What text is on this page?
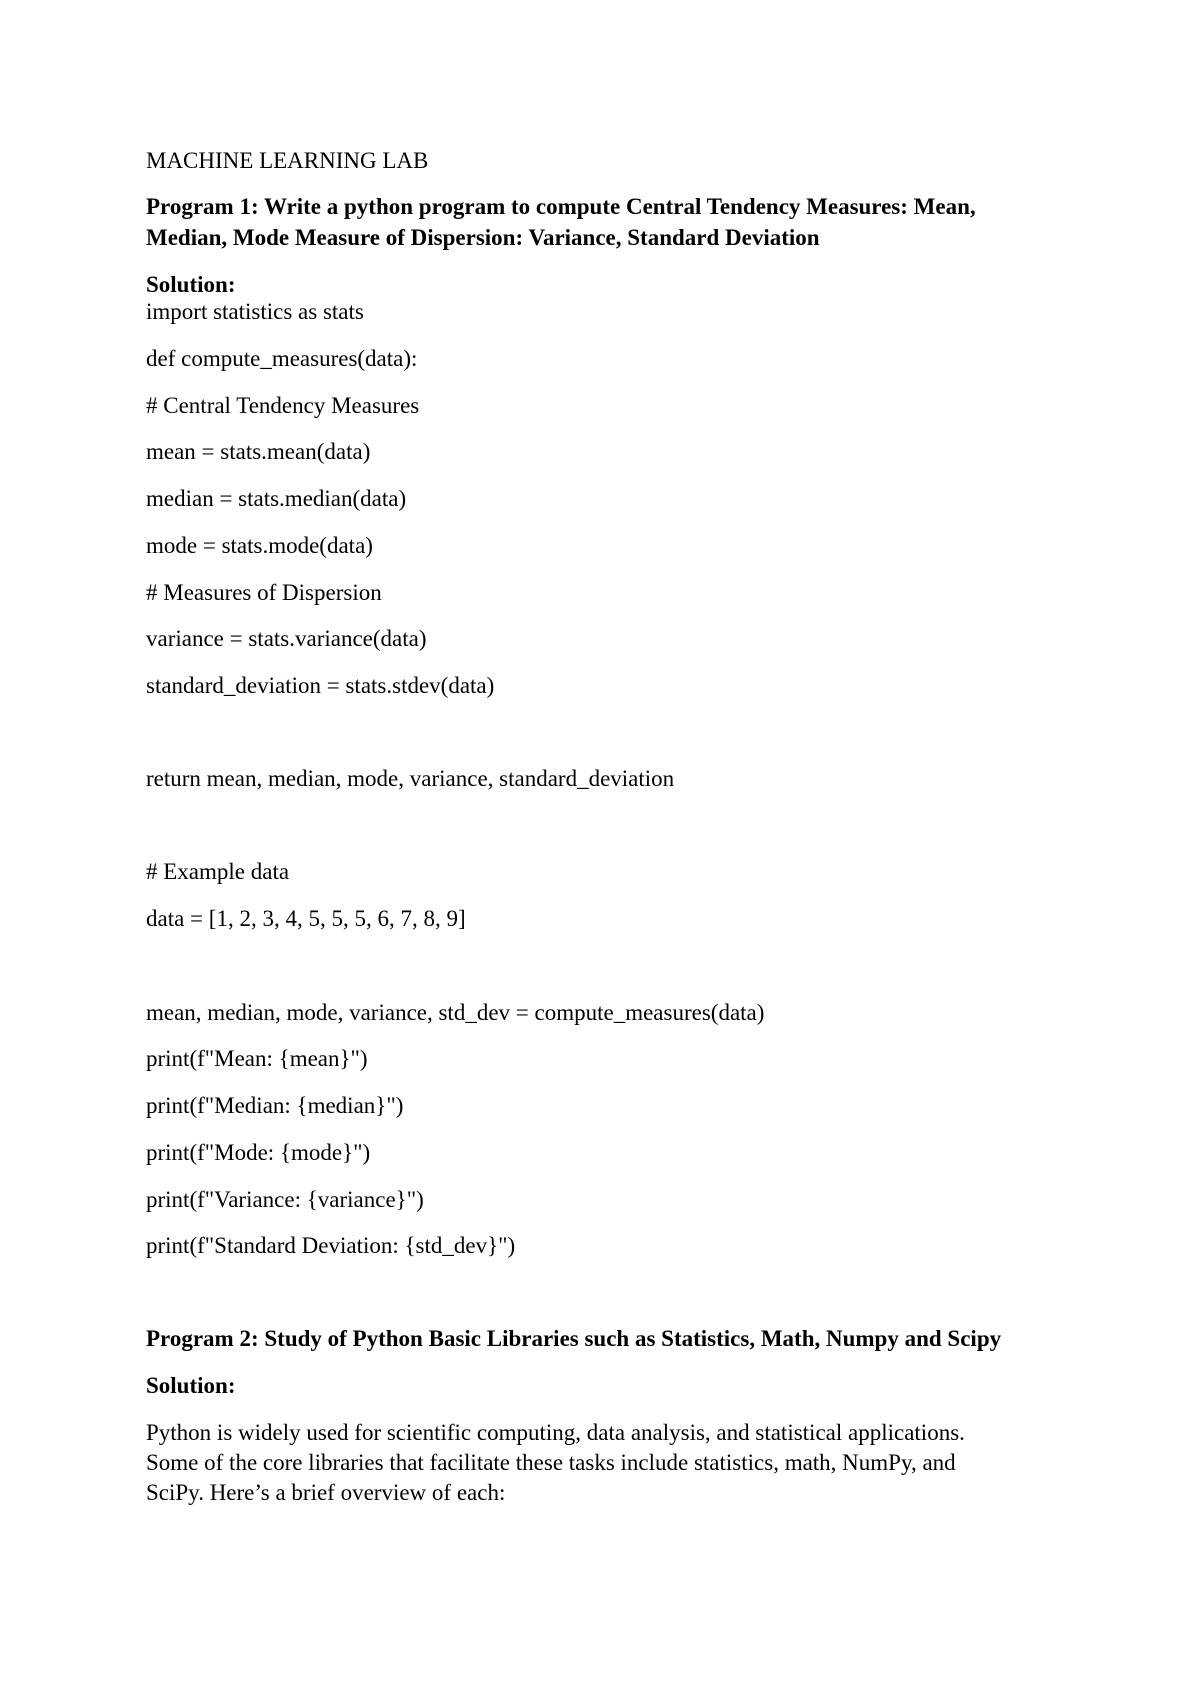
MACHINE LEARNING LAB
Program 1: Write a python program to compute Central Tendency Measures: Mean,
Median, Mode Measure of Dispersion: Variance, Standard Deviation
Solution:
import statistics as stats
def compute_measures(data):
# Central Tendency Measures
mean = stats.mean(data)
median = stats.median(data)
mode = stats.mode(data)
# Measures of Dispersion
variance = stats.variance(data)
standard_deviation = stats.stdev(data)
return mean, median, mode, variance, standard_deviation
# Example data
data = [1, 2, 3, 4, 5, 5, 5, 6, 7, 8, 9]
mean, median, mode, variance, std_dev = compute_measures(data)
print(f"Mean: {mean}")
print(f"Median: {median}")
print(f"Mode: {mode}")
print(f"Variance: {variance}")
print(f"Standard Deviation: {std_dev}")
Program 2: Study of Python Basic Libraries such as Statistics, Math, Numpy and Scipy
Solution:
Python is widely used for scientific computing, data analysis, and statistical applications.
Some of the core libraries that facilitate these tasks include statistics, math, NumPy, and
SciPy. Here’s a brief overview of each:
